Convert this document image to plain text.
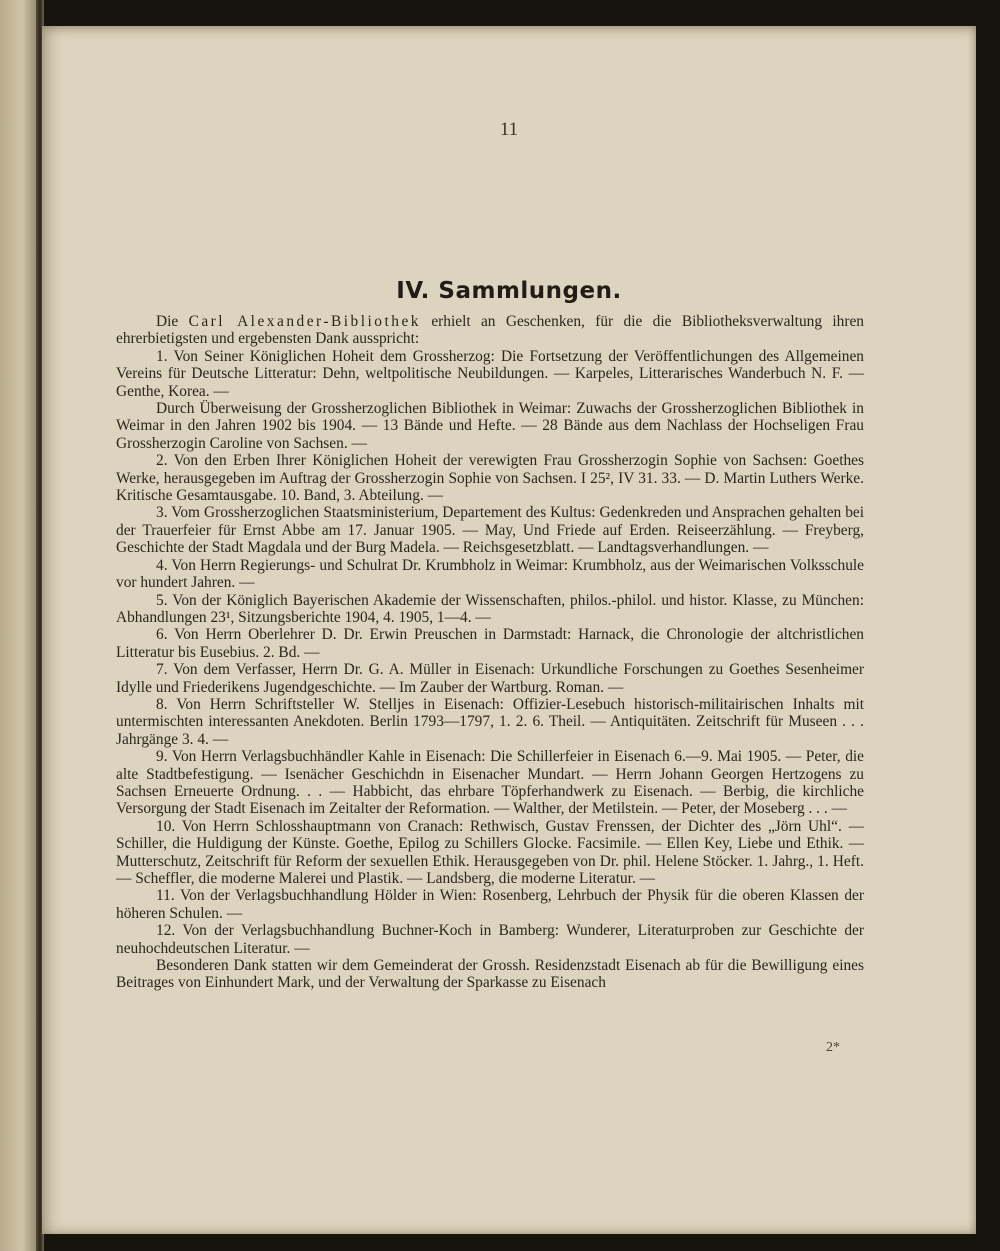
11
IV. Sammlungen.

Die Carl Alexander-Bibliothek erhielt an Geschenken, für die die Bibliotheksverwaltung ihren ehrerbietigsten und ergebensten Dank ausspricht:

1. Von Seiner Königlichen Hoheit dem Grossherzog: Die Fortsetzung der Veröffentlichungen des Allgemeinen Vereins für Deutsche Litteratur: Dehn, weltpolitische Neubildungen. — Karpeles, Litterarisches Wanderbuch N. F. — Genthe, Korea. —

Durch Überweisung der Grossherzoglichen Bibliothek in Weimar: Zuwachs der Grossherzoglichen Bibliothek in Weimar in den Jahren 1902 bis 1904. — 13 Bände und Hefte. — 28 Bände aus dem Nachlass der Hochseligen Frau Grossherzogin Caroline von Sachsen. —

2. Von den Erben Ihrer Königlichen Hoheit der verewigten Frau Grossherzogin Sophie von Sachsen: Goethes Werke, herausgegeben im Auftrag der Grossherzogin Sophie von Sachsen. I 25², IV 31. 33. — D. Martin Luthers Werke. Kritische Gesamtausgabe. 10. Band, 3. Abteilung. —

3. Vom Grossherzoglichen Staatsministerium, Departement des Kultus: Gedenkreden und Ansprachen gehalten bei der Trauerfeier für Ernst Abbe am 17. Januar 1905. — May, Und Friede auf Erden. Reiseerzählung. — Freyberg, Geschichte der Stadt Magdala und der Burg Madela. — Reichsgesetzblatt. — Landtagsverhandlungen. —

4. Von Herrn Regierungs- und Schulrat Dr. Krumbholz in Weimar: Krumbholz, aus der Weimarischen Volksschule vor hundert Jahren. —

5. Von der Königlich Bayerischen Akademie der Wissenschaften, philos.-philol. und histor. Klasse, zu München: Abhandlungen 23¹, Sitzungsberichte 1904, 4. 1905, 1—4. —

6. Von Herrn Oberlehrer D. Dr. Erwin Preuschen in Darmstadt: Harnack, die Chronologie der altchristlichen Litteratur bis Eusebius. 2. Bd. —

7. Von dem Verfasser, Herrn Dr. G. A. Müller in Eisenach: Urkundliche Forschungen zu Goethes Sesenheimer Idylle und Friederikens Jugendgeschichte. — Im Zauber der Wartburg. Roman. —

8. Von Herrn Schriftsteller W. Stelljes in Eisenach: Offizier-Lesebuch historisch-militairischen Inhalts mit untermischten interessanten Anekdoten. Berlin 1793—1797, 1. 2. 6. Theil. — Antiquitäten. Zeitschrift für Museen . . . Jahrgänge 3. 4. —

9. Von Herrn Verlagsbuchhändler Kahle in Eisenach: Die Schillerfeier in Eisenach 6.—9. Mai 1905. — Peter, die alte Stadtbefestigung. — Isenächer Geschichdn in Eisenacher Mundart. — Herrn Johann Georgen Hertzogens zu Sachsen Erneuerte Ordnung. . . — Habbicht, das ehrbare Töpferhandwerk zu Eisenach. — Berbig, die kirchliche Versorgung der Stadt Eisenach im Zeitalter der Reformation. — Walther, der Metilstein. — Peter, der Moseberg . . . —

10. Von Herrn Schlosshauptmann von Cranach: Rethwisch, Gustav Frenssen, der Dichter des „Jörn Uhl“. — Schiller, die Huldigung der Künste. Goethe, Epilog zu Schillers Glocke. Facsimile. — Ellen Key, Liebe und Ethik. — Mutterschutz, Zeitschrift für Reform der sexuellen Ethik. Herausgegeben von Dr. phil. Helene Stöcker. 1. Jahrg., 1. Heft. — Scheffler, die moderne Malerei und Plastik. — Landsberg, die moderne Literatur. —

11. Von der Verlagsbuchhandlung Hölder in Wien: Rosenberg, Lehrbuch der Physik für die oberen Klassen der höheren Schulen. —

12. Von der Verlagsbuchhandlung Buchner-Koch in Bamberg: Wunderer, Literaturproben zur Geschichte der neuhochdeutschen Literatur. —

Besonderen Dank statten wir dem Gemeinderat der Grossh. Residenzstadt Eisenach ab für die Bewilligung eines Beitrages von Einhundert Mark, und der Verwaltung der Sparkasse zu Eisenach

2*
